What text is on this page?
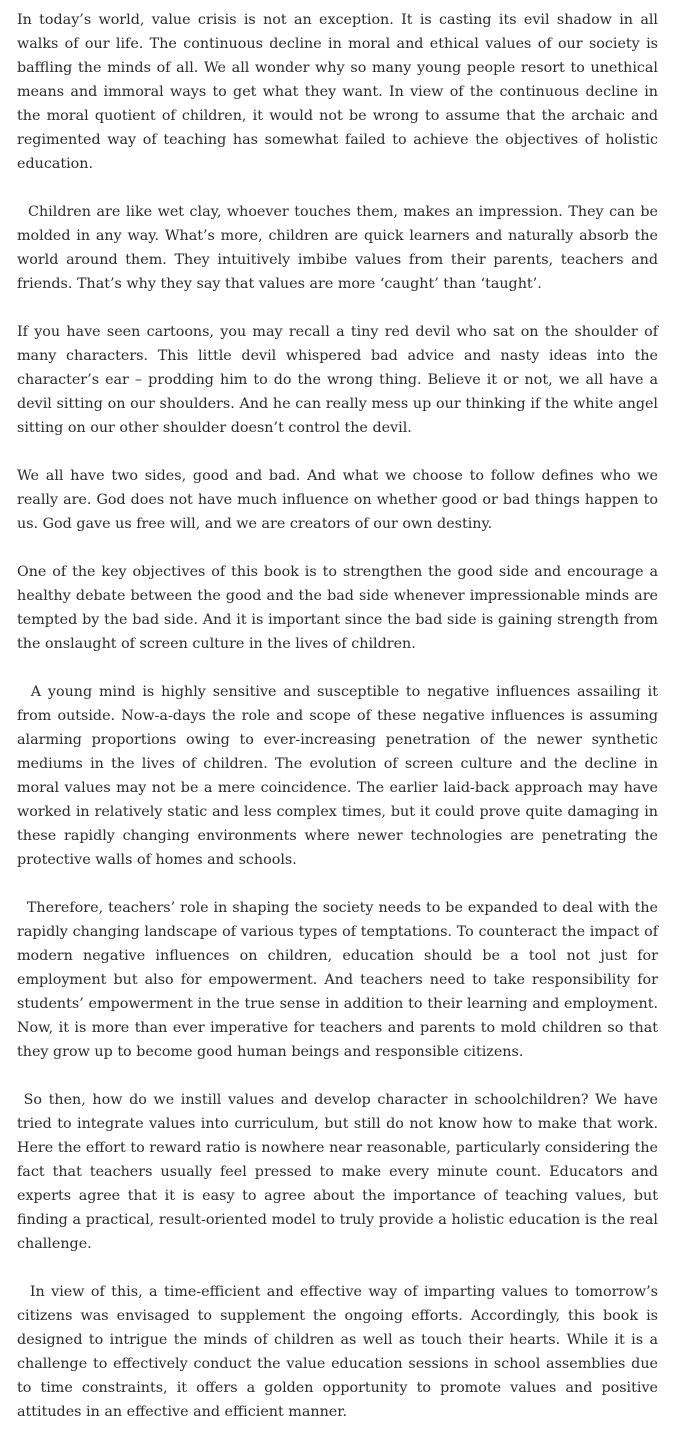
In today’s world, value crisis is not an exception. It is casting its evil shadow in all walks of our life. The continuous decline in moral and ethical values of our society is baffling the minds of all. We all wonder why so many young people resort to unethical means and immoral ways to get what they want. In view of the continuous decline in the moral quotient of children, it would not be wrong to assume that the archaic and regimented way of teaching has somewhat failed to achieve the objectives of holistic education.

Children are like wet clay, whoever touches them, makes an impression. They can be molded in any way. What’s more, children are quick learners and naturally absorb the world around them. They intuitively imbibe values from their parents, teachers and friends. That’s why they say that values are more ‘caught’ than ‘taught’.

If you have seen cartoons, you may recall a tiny red devil who sat on the shoulder of many characters. This little devil whispered bad advice and nasty ideas into the character’s ear – prodding him to do the wrong thing. Believe it or not, we all have a devil sitting on our shoulders. And he can really mess up our thinking if the white angel sitting on our other shoulder doesn’t control the devil.

We all have two sides, good and bad. And what we choose to follow defines who we really are. God does not have much influence on whether good or bad things happen to us. God gave us free will, and we are creators of our own destiny.

One of the key objectives of this book is to strengthen the good side and encourage a healthy debate between the good and the bad side whenever impressionable minds are tempted by the bad side. And it is important since the bad side is gaining strength from the onslaught of screen culture in the lives of children.

A young mind is highly sensitive and susceptible to negative influences assailing it from outside. Now-a-days the role and scope of these negative influences is assuming alarming proportions owing to ever-increasing penetration of the newer synthetic mediums in the lives of children. The evolution of screen culture and the decline in moral values may not be a mere coincidence. The earlier laid-back approach may have worked in relatively static and less complex times, but it could prove quite damaging in these rapidly changing environments where newer technologies are penetrating the protective walls of homes and schools.

Therefore, teachers’ role in shaping the society needs to be expanded to deal with the rapidly changing landscape of various types of temptations. To counteract the impact of modern negative influences on children, education should be a tool not just for employment but also for empowerment. And teachers need to take responsibility for students’ empowerment in the true sense in addition to their learning and employment. Now, it is more than ever imperative for teachers and parents to mold children so that they grow up to become good human beings and responsible citizens.

So then, how do we instill values and develop character in schoolchildren? We have tried to integrate values into curriculum, but still do not know how to make that work. Here the effort to reward ratio is nowhere near reasonable, particularly considering the fact that teachers usually feel pressed to make every minute count. Educators and experts agree that it is easy to agree about the importance of teaching values, but finding a practical, result-oriented model to truly provide a holistic education is the real challenge.

In view of this, a time-efficient and effective way of imparting values to tomorrow’s citizens was envisaged to supplement the ongoing efforts. Accordingly, this book is designed to intrigue the minds of children as well as touch their hearts. While it is a challenge to effectively conduct the value education sessions in school assemblies due to time constraints, it offers a golden opportunity to promote values and positive attitudes in an effective and efficient manner.
